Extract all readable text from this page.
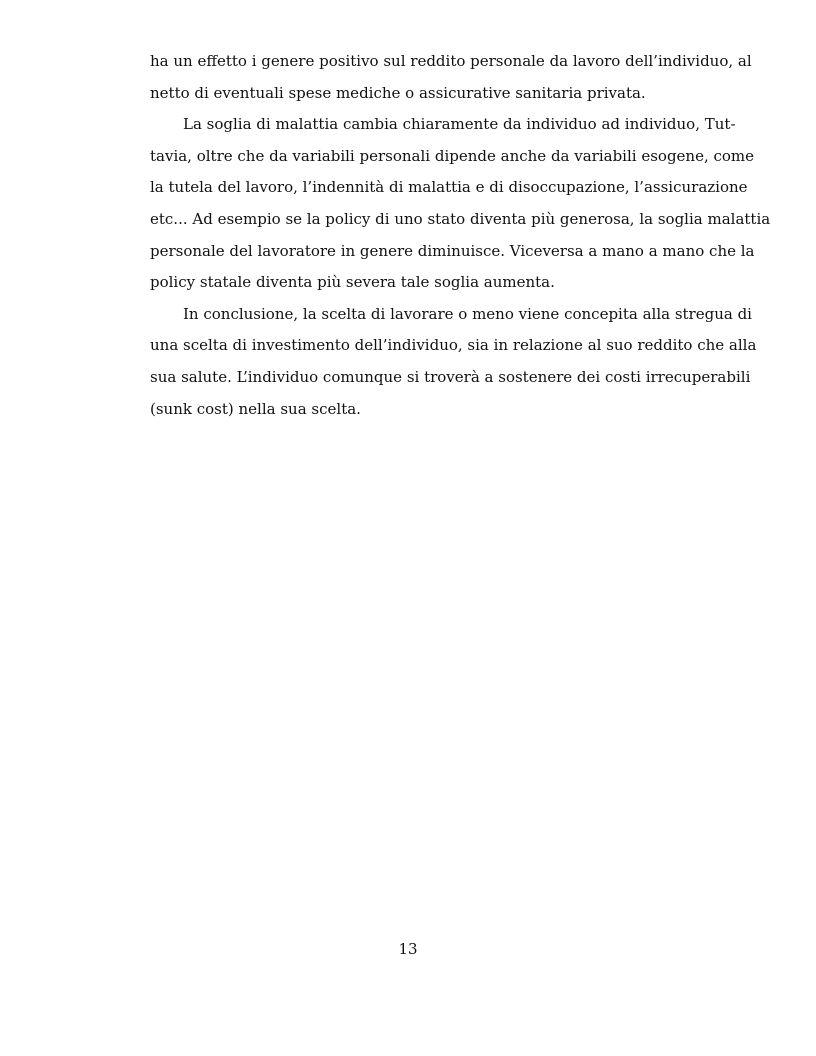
ha un effetto i genere positivo sul reddito personale da lavoro dell’individuo, al
netto di eventuali spese mediche o assicurative sanitaria privata.
La soglia di malattia cambia chiaramente da individuo ad individuo, Tut-
tavia, oltre che da variabili personali dipende anche da variabili esogene, come
la tutela del lavoro, l’indennità di malattia e di disoccupazione, l’assicurazione
etc... Ad esempio se la policy di uno stato diventa più generosa, la soglia malattia
personale del lavoratore in genere diminuisce. Viceversa a mano a mano che la
policy statale diventa più severa tale soglia aumenta.
In conclusione, la scelta di lavorare o meno viene concepita alla stregua di
una scelta di investimento dell’individuo, sia in relazione al suo reddito che alla
sua salute. L’individuo comunque si troverà a sostenere dei costi irrecuperabili
(sunk cost) nella sua scelta.
13
